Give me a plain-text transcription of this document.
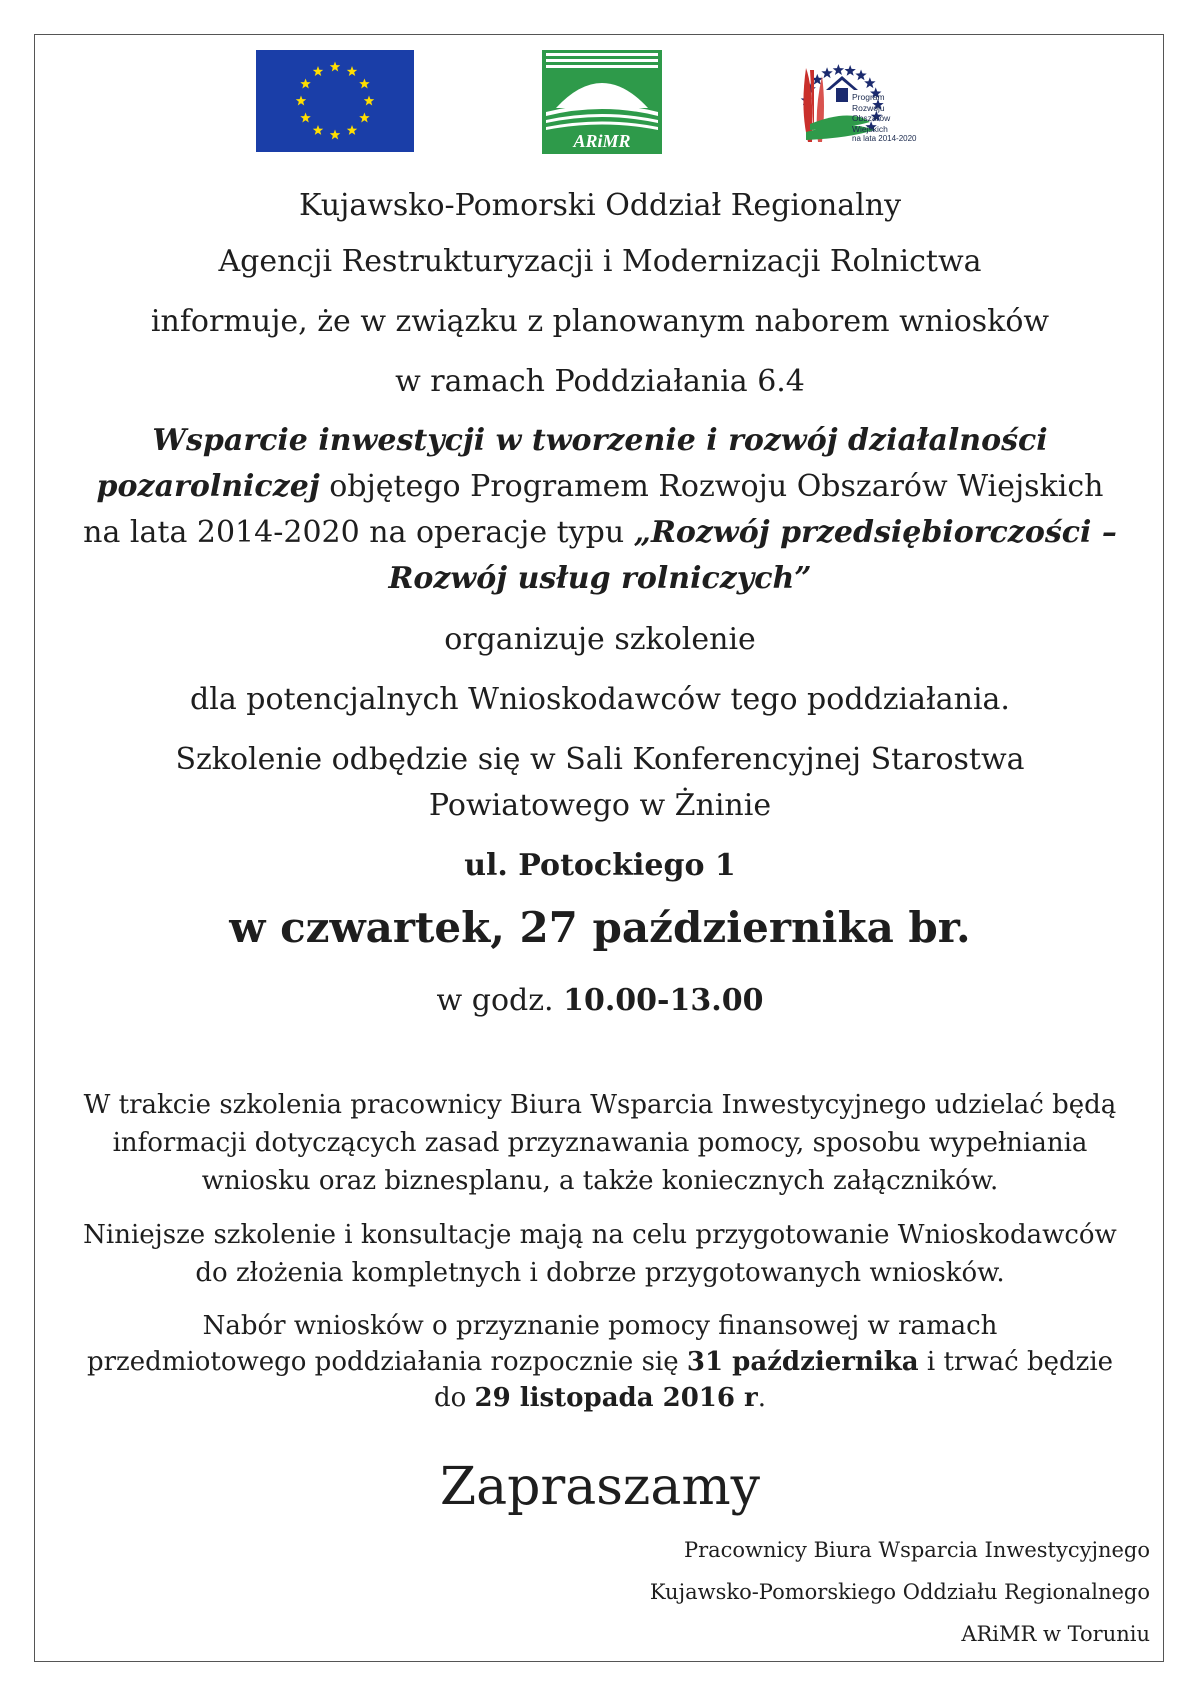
ARiMR
Program
Rozwoju
Obszarów
Wiejskich
na lata 2014-2020

Kujawsko-Pomorski Oddział Regionalny

Agencji Restrukturyzacji i Modernizacji Rolnictwa

informuje, że w związku z planowanym naborem wniosków

w ramach Poddziałania 6.4

Wsparcie inwestycji w tworzenie i rozwój działalności

pozarolniczej objętego Programem Rozwoju Obszarów Wiejskich

na lata 2014-2020 na operacje typu „Rozwój przedsiębiorczości –

Rozwój usług rolniczych”

organizuje szkolenie

dla potencjalnych Wnioskodawców tego poddziałania.

Szkolenie odbędzie się w Sali Konferencyjnej Starostwa

Powiatowego w Żninie

ul. Potockiego 1

w czwartek, 27 października br.

w godz. 10.00-13.00

W trakcie szkolenia pracownicy Biura Wsparcia Inwestycyjnego udzielać będą

informacji dotyczących zasad przyznawania pomocy, sposobu wypełniania

wniosku oraz biznesplanu, a także koniecznych załączników.

Niniejsze szkolenie i konsultacje mają na celu przygotowanie Wnioskodawców

do złożenia kompletnych i dobrze przygotowanych wniosków.

Nabór wniosków o przyznanie pomocy finansowej w ramach

przedmiotowego poddziałania rozpocznie się 31 października i trwać będzie

do 29 listopada 2016 r.

Zapraszamy

Pracownicy Biura Wsparcia Inwestycyjnego
Kujawsko-Pomorskiego Oddziału Regionalnego
ARiMR w Toruniu
